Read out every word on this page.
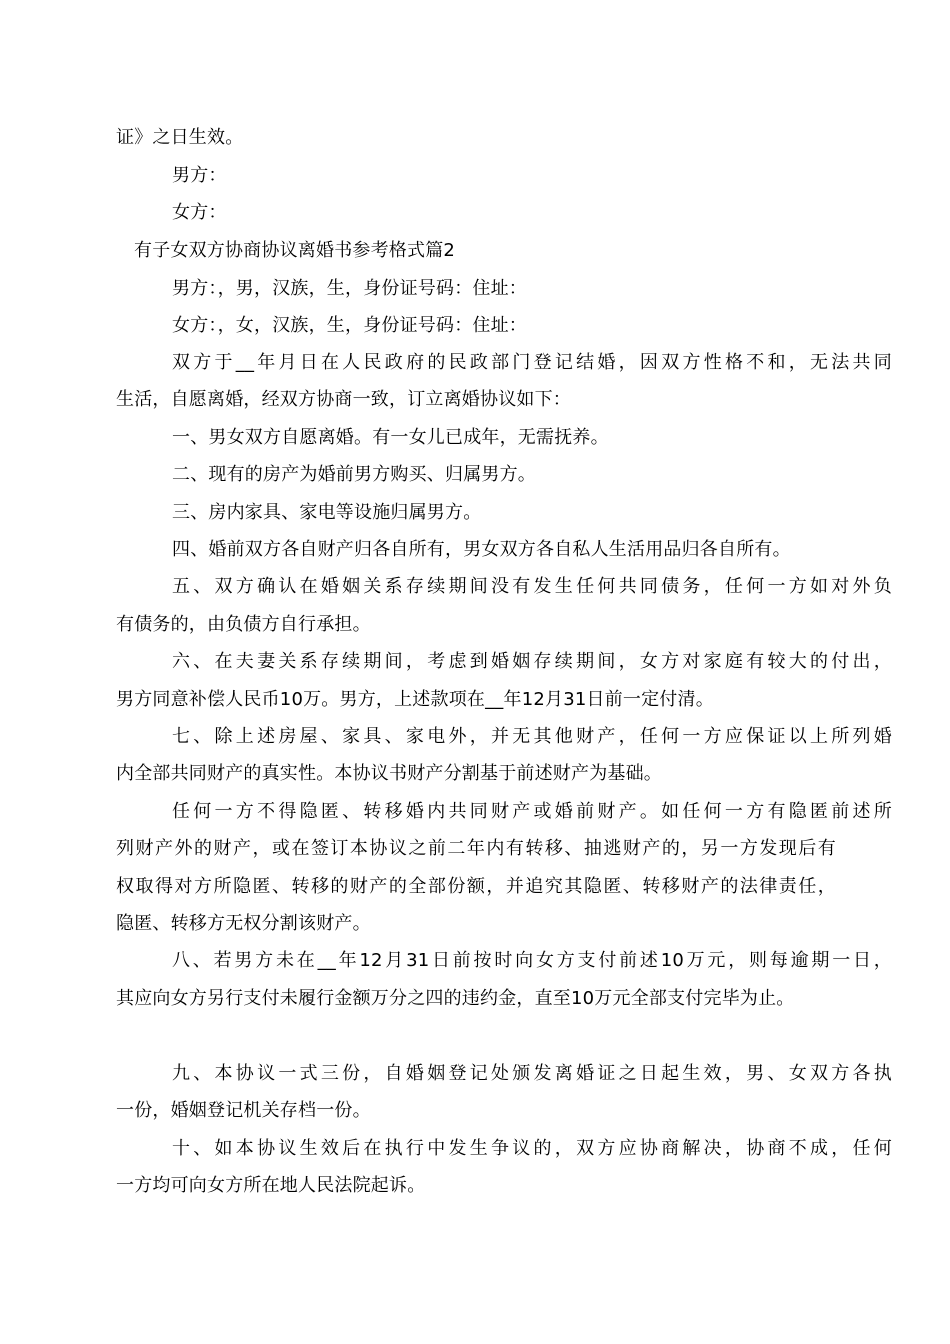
证》之日生效。
男方：
女方：
有子女双方协商协议离婚书参考格式篇2
男方：，男，汉族，生，身份证号码：住址：
女方：，女，汉族，生，身份证号码：住址：
双方于__年月日在人民政府的民政部门登记结婚，因双方性格不和，无法共同
生活，自愿离婚，经双方协商一致，订立离婚协议如下：
一、男女双方自愿离婚。有一女儿已成年，无需抚养。
二、现有的房产为婚前男方购买、归属男方。
三、房内家具、家电等设施归属男方。
四、婚前双方各自财产归各自所有，男女双方各自私人生活用品归各自所有。
五、双方确认在婚姻关系存续期间没有发生任何共同债务，任何一方如对外负
有债务的，由负债方自行承担。
六、在夫妻关系存续期间，考虑到婚姻存续期间，女方对家庭有较大的付出，
男方同意补偿人民币10万。男方，上述款项在__年12月31日前一定付清。
七、除上述房屋、家具、家电外，并无其他财产，任何一方应保证以上所列婚
内全部共同财产的真实性。本协议书财产分割基于前述财产为基础。
任何一方不得隐匿、转移婚内共同财产或婚前财产。如任何一方有隐匿前述所
列财产外的财产，或在签订本协议之前二年内有转移、抽逃财产的，另一方发现后有
权取得对方所隐匿、转移的财产的全部份额，并追究其隐匿、转移财产的法律责任，
隐匿、转移方无权分割该财产。
八、若男方未在__年12月31日前按时向女方支付前述10万元，则每逾期一日，
其应向女方另行支付未履行金额万分之四的违约金，直至10万元全部支付完毕为止。
九、本协议一式三份，自婚姻登记处颁发离婚证之日起生效，男、女双方各执
一份，婚姻登记机关存档一份。
十、如本协议生效后在执行中发生争议的，双方应协商解决，协商不成，任何
一方均可向女方所在地人民法院起诉。
